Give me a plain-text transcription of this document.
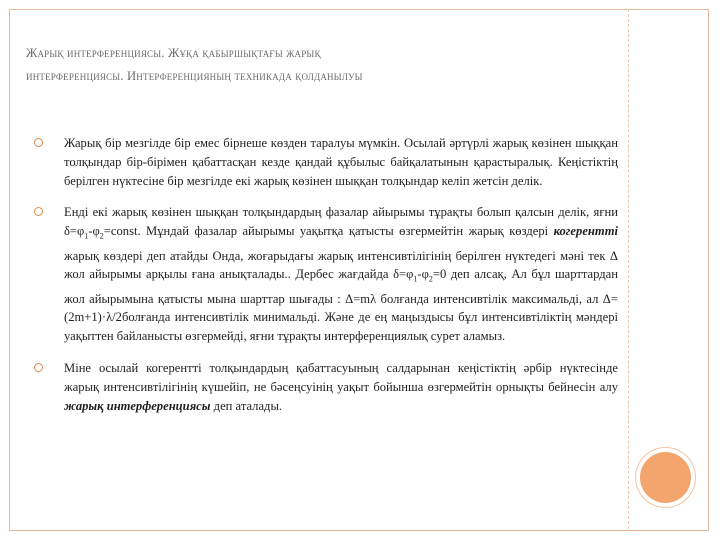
Жарық интерференциясы. Жұқа қабыршықтағы жарық
интерференциясы. Интерференцияның техникада қолданылуы

Жарық бір мезгілде бір емес бірнеше көзден таралуы мүмкін. Осылай әртүрлі жарық көзінен шыққан толқындар бір-бірімен қабаттасқан кезде қандай құбылыс байқалатынын қарастыралық. Кеңістіктің берілген нүктесіне бір мезгілде екі жарық көзінен шыққан толқындар келіп жетсін делік.

Енді екі жарық көзінен шыққан толқындардың фазалар айырымы тұрақты болып қалсын делік, яғни $\delta=\varphi_1-\varphi_2=const$. Мұндай фазалар айырымы уақытқа қатысты өзгермейтін жарық көздері когерентті жарық көздері деп атайды Онда, жоғарыдағы жарық интенсивтілігінің берілген нүктедегі мәні тек Δ жол айырымы арқылы ғана анықталады.. Дербес жағдайда $\delta=\varphi_1-\varphi_2=0$ деп алсақ, Ал бұл шарттардан жол айырымына қатысты мына шарттар шығады : Δ=mλ болғанда интенсивтілік максимальді, ал Δ=(2m+1)·λ/2болғанда интенсивтілік минимальді. Және де ең маңыздысы бұл интенсивтіліктің мәндері уақыттен байланысты өзгермейді, яғни тұрақты интерференциялық сурет аламыз.

Міне осылай когерентті толқындардың қабаттасуының салдарынан кеңістіктің әрбір нүктесінде жарық интенсивтілігінің күшейіп, не бәсеңсуінің уақыт бойынша өзгермейтін орнықты бейнесін алу жарық интерференциясы деп аталады.
